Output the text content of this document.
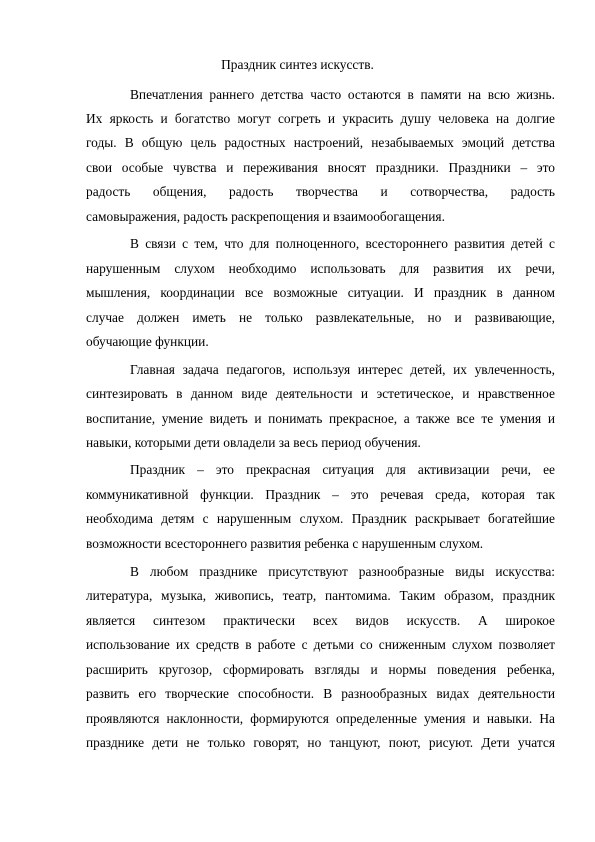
Праздник синтез искусств.
Впечатления раннего детства часто остаются в памяти на всю жизнь.
Их яркость и богатство могут согреть и украсить душу человека на долгие
годы. В общую цель радостных настроений, незабываемых эмоций детства
свои особые чувства и переживания вносят праздники. Праздники – это
радость общения, радость творчества и сотворчества, радость
самовыражения, радость раскрепощения и взаимообогащения.
В связи с тем, что для полноценного, всестороннего развития детей с
нарушенным слухом необходимо использовать для развития их речи,
мышления, координации все возможные ситуации. И праздник в данном
случае должен иметь не только развлекательные, но и развивающие,
обучающие функции.
Главная задача педагогов, используя интерес детей, их увлеченность,
синтезировать в данном виде деятельности и эстетическое, и нравственное
воспитание, умение видеть и понимать прекрасное, а также все те умения и
навыки, которыми дети овладели за весь период обучения.
Праздник – это прекрасная ситуация для активизации речи, ее
коммуникативной функции. Праздник – это речевая среда, которая так
необходима детям с нарушенным слухом. Праздник раскрывает богатейшие
возможности всестороннего развития ребенка с нарушенным слухом.
В любом празднике присутствуют разнообразные виды искусства:
литература, музыка, живопись, театр, пантомима. Таким образом, праздник
является синтезом практически всех видов искусств. А широкое
использование их средств в работе с детьми со сниженным слухом позволяет
расширить кругозор, сформировать взгляды и нормы поведения ребенка,
развить его творческие способности. В разнообразных видах деятельности
проявляются наклонности, формируются определенные умения и навыки. На
празднике дети не только говорят, но танцуют, поют, рисуют. Дети учатся
